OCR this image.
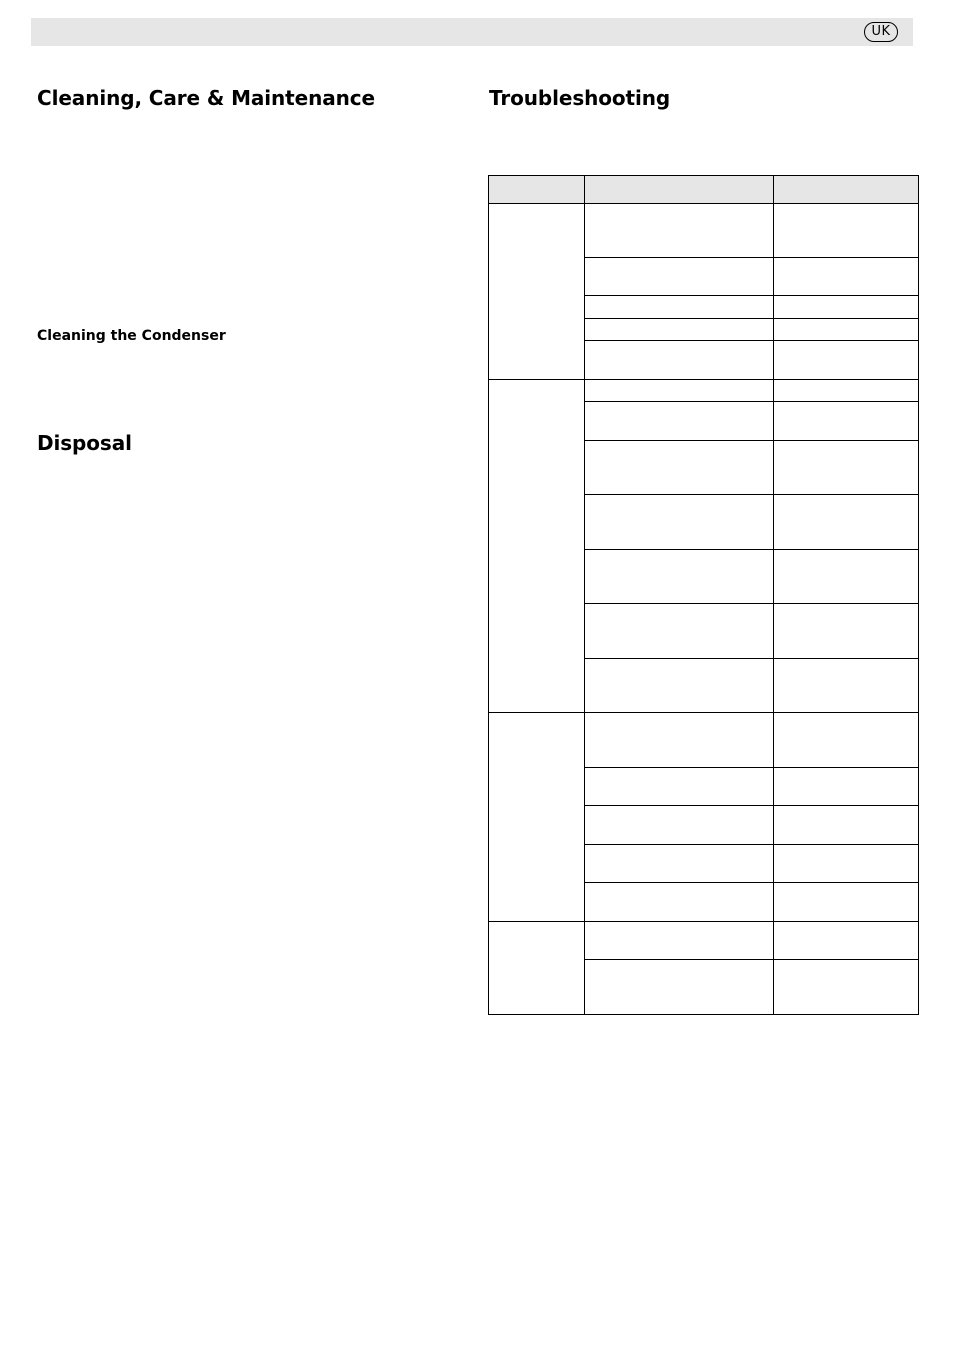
UK
Cleaning, Care & Maintenance
Cleaning the Condenser
Disposal
Troubleshooting
